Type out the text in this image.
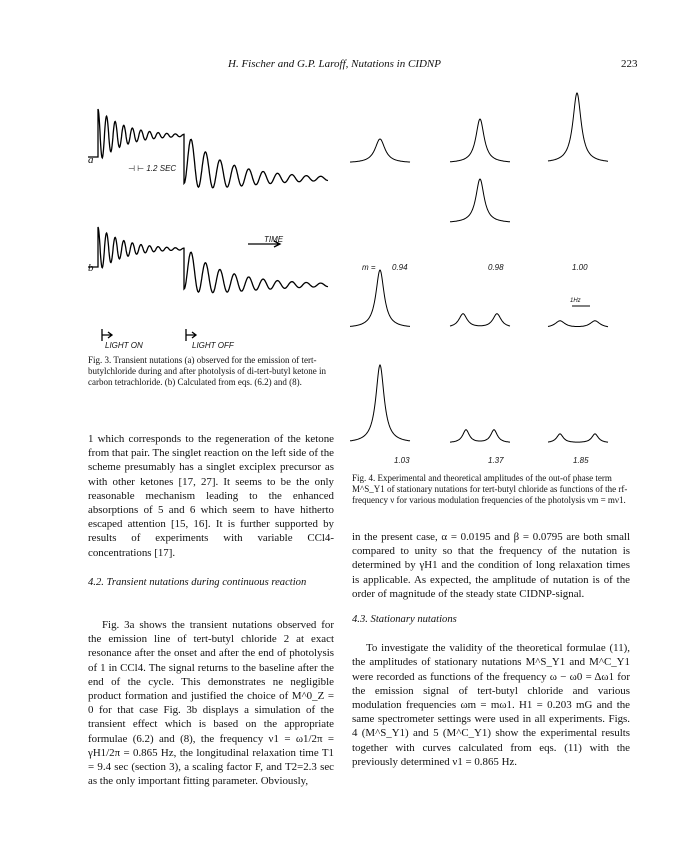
H. Fischer and G.P. Laroff, Nutations in CIDNP	223
a
b
⊣ ⊢ 1.2 SEC
TIME
LIGHT ON	LIGHT OFF
Fig. 3. Transient nutations (a) observed for the emission of tert-butylchloride during and after photolysis of di-tert-butyl ketone in carbon tetrachloride. (b) Calculated from eqs. (6.2) and (8).
m = 0.94	0.98	1.00
1Hz
1.03	1.37	1.85
Fig. 4. Experimental and theoretical amplitudes of the out-of phase term M^S_Y1 of stationary nutations for tert-butyl chloride as functions of the rf-frequency ν for various modulation frequencies of the photolysis νm = mν1.

1 which corresponds to the regeneration of the ketone from that pair. The singlet reaction on the left side of the scheme presumably has a singlet exciplex precursor as with other ketones [17, 27]. It seems to be the only reasonable mechanism leading to the enhanced absorptions of 5 and 6 which seem to have hitherto escaped attention [15, 16]. It is further supported by results of experiments with variable CCl4-concentrations [17].

4.2. Transient nutations during continuous reaction

Fig. 3a shows the transient nutations observed for the emission line of tert-butyl chloride 2 at exact resonance after the onset and after the end of photolysis of 1 in CCl4. The signal returns to the baseline after the end of the cycle. This demonstrates ne negligible product formation and justified the choice of M^0_Z = 0 for that case Fig. 3b displays a simulation of the transient effect which is based on the appropriate formulae (6.2) and (8), the frequency ν1 = ω1/2π = γH1/2π = 0.865 Hz, the longitudinal relaxation time T1 = 9.4 sec (section 3), a scaling factor F, and T2=2.3 sec as the only important fitting parameter. Obviously,

in the present case, α = 0.0195 and β = 0.0795 are both small compared to unity so that the frequency of the nutation is determined by γH1 and the condition of long relaxation times is applicable. As expected, the amplitude of nutation is of the order of magnitude of the steady state CIDNP-signal.

4.3. Stationary nutations

To investigate the validity of the theoretical formulae (11), the amplitudes of stationary nutations M^S_Y1 and M^C_Y1 were recorded as functions of the frequency ω − ω0 = Δω1 for the emission signal of tert-butyl chloride and various modulation frequencies ωm = mω1. H1 = 0.203 mG and the same spectrometer settings were used in all experiments. Figs. 4 (M^S_Y1) and 5 (M^C_Y1) show the experimental results together with curves calculated from eqs. (11) with the previously determined ν1 = 0.865 Hz.
